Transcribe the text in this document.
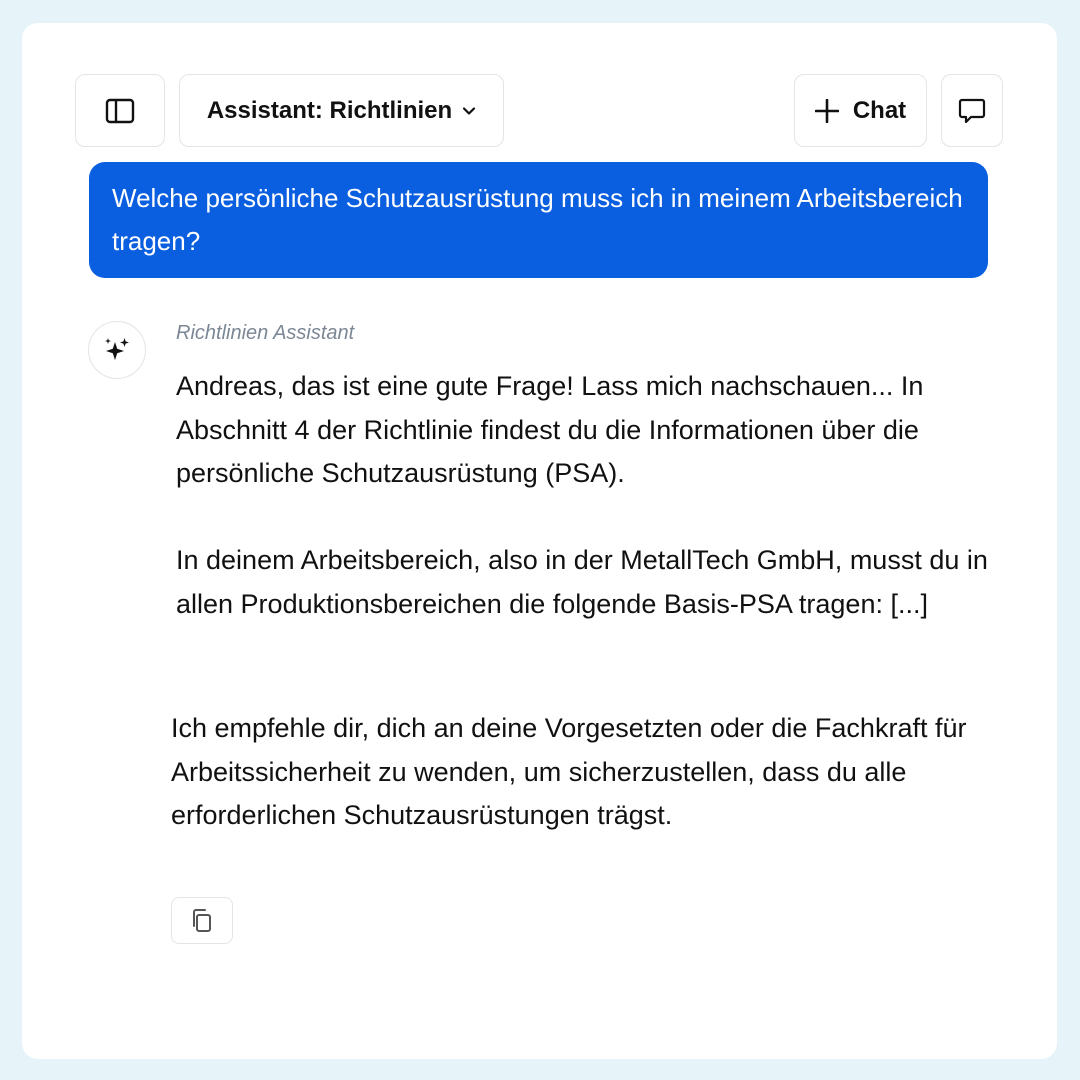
Assistant: Richtlinien	Chat
Welche persönliche Schutzausrüstung muss ich in meinem Arbeitsbereich tragen?
Richtlinien Assistant

Andreas, das ist eine gute Frage! Lass mich nachschauen... In Abschnitt 4 der Richtlinie findest du die Informationen über die persönliche Schutzausrüstung (PSA).

In deinem Arbeitsbereich, also in der MetallTech GmbH, musst du in allen Produktionsbereichen die folgende Basis-PSA tragen: [...]

Ich empfehle dir, dich an deine Vorgesetzten oder die Fachkraft für Arbeitssicherheit zu wenden, um sicherzustellen, dass du alle erforderlichen Schutzausrüstungen trägst.
